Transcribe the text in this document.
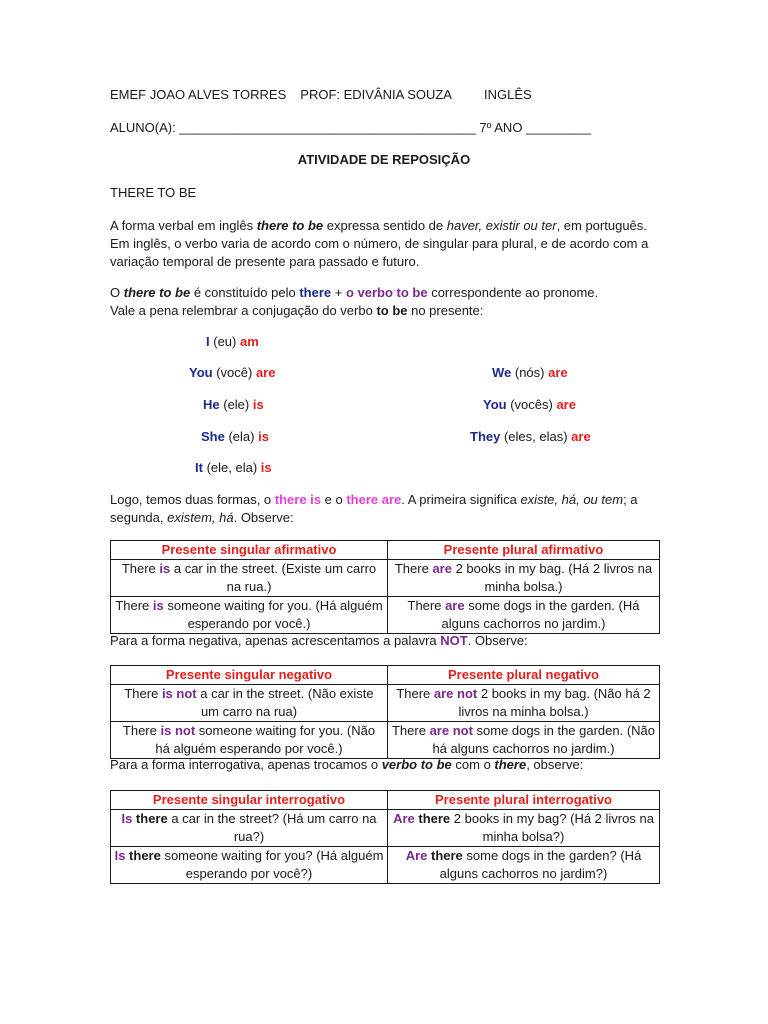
EMEF JOAO ALVES TORRES PROF: EDIVÂNIA SOUZA INGLÊS
ALUNO(A): _________________________________________ 7º ANO _________
ATIVIDADE DE REPOSIÇÃO
THERE TO BE

A forma verbal em inglês there to be expressa sentido de haver, existir ou ter, em português. Em inglês, o verbo varia de acordo com o número, de singular para plural, e de acordo com a variação temporal de presente para passado e futuro.

O there to be é constituído pelo there + o verbo to be correspondente ao pronome.
Vale a pena relembrar a conjugação do verbo to be no presente:

I (eu) am
You (você) are
He (ele) is
She (ela) is
It (ele, ela) is
We (nós) are
You (vocês) are
They (eles, elas) are

Logo, temos duas formas, o there is e o there are. A primeira significa existe, há, ou tem; a segunda, existem, há. Observe:

Presente singular afirmativo	Presente plural afirmativo
There is a car in the street. (Existe um carro na rua.)	There are 2 books in my bag. (Há 2 livros na minha bolsa.)
There is someone waiting for you. (Há alguém esperando por você.)	There are some dogs in the garden. (Há alguns cachorros no jardim.)
Para a forma negativa, apenas acrescentamos a palavra NOT. Observe:
Presente singular negativo	Presente plural negativo
There is not a car in the street. (Não existe um carro na rua)	There are not 2 books in my bag. (Não há 2 livros na minha bolsa.)
There is not someone waiting for you. (Não há alguém esperando por você.)	There are not some dogs in the garden. (Não há alguns cachorros no jardim.)
Para a forma interrogativa, apenas trocamos o verbo to be com o there, observe:
Presente singular interrogativo	Presente plural interrogativo
Is there a car in the street? (Há um carro na rua?)	Are there 2 books in my bag? (Há 2 livros na minha bolsa?)
Is there someone waiting for you? (Há alguém esperando por você?)	Are there some dogs in the garden? (Há alguns cachorros no jardim?)
